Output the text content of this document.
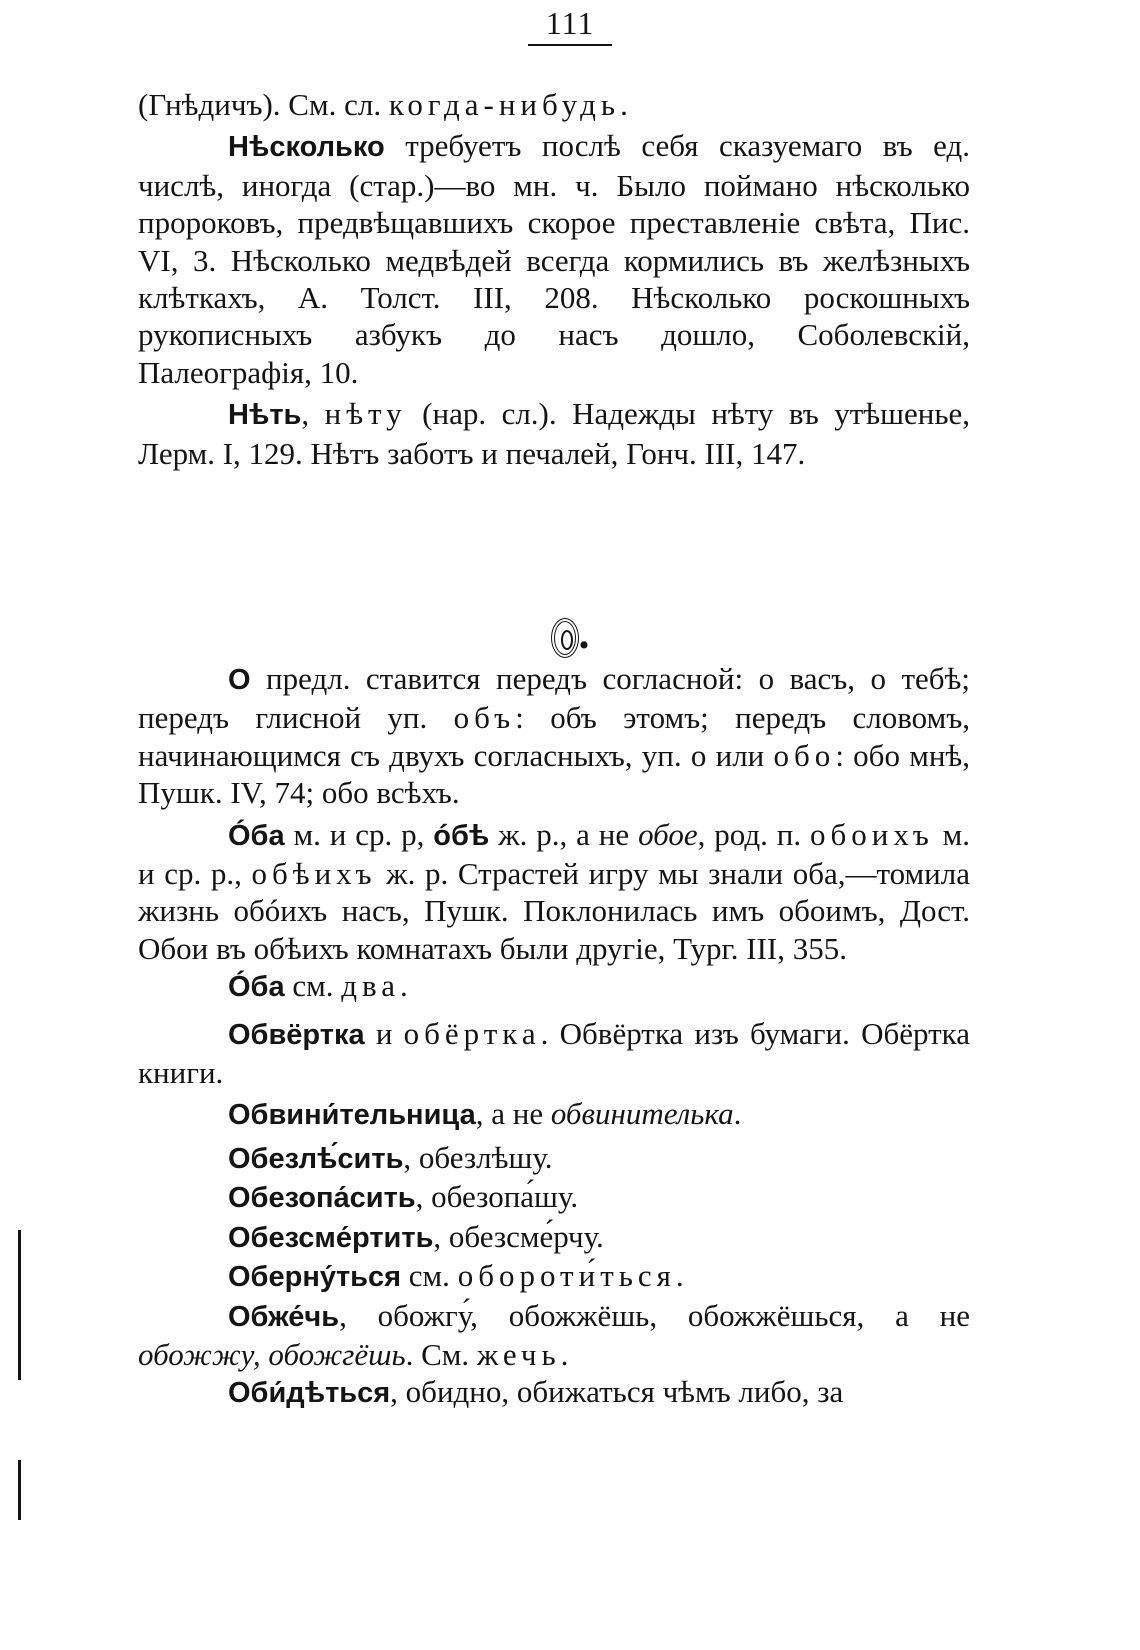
111

(Гнѣдичъ). См. сл. когда-нибудь.

Нѣсколько требуетъ послѣ себя сказуемаго въ ед. числѣ, иногда (стар.)—во мн. ч. Было поймано нѣсколько пророковъ, предвѣщавшихъ скорое преставленіе свѣта, Пис. VI, 3. Нѣсколько медвѣдей всегда кормились въ желѣзныхъ клѣткахъ, А. Толст. III, 208. Нѣсколько роскошныхъ рукописныхъ азбукъ до насъ дошло, Соболевскій, Палеографія, 10.

Нѣть, нѣту (нар. сл.). Надежды нѣту въ утѣшенье, Лерм. I, 129. Нѣтъ заботъ и печалей, Гонч. III, 147.

.

О предл. ставится передъ согласной: о васъ, о тебѣ; передъ глисной уп. объ: объ этомъ; передъ словомъ, начинающимся съ двухъ согласныхъ, уп. о или обо: обо мнѣ, Пушк. IV, 74; обо всѣхъ.

Óба м. и ср. р, óбѣ ж. р., а не обое, род. п. обоихъ м. и ср. р., обѣихъ ж. р. Страстей игру мы знали оба,—томила жизнь обóихъ насъ, Пушк. Поклонилась имъ обоимъ, Дост. Обои въ обѣихъ комнатахъ были другіе, Тург. III, 355.

Óба см. два.

Обвёртка и обёртка. Обвёртка изъ бумаги. Обёртка книги.

Обвини́тельница, а не обвинителька.

Обезлѣ́сить, обезлѣшу.

Обезопа́сить, обезопа́шу.

Обезсме́ртить, обезсме́рчу.

Оберну́ться см. обороти́ться.

Обже́чь, обожгу́, обожжёшь, обожжёшься, а не обожжу, обожгёшь. См. жечь.

Оби́дѣться, обидно, обижаться чѣмъ либо, за
